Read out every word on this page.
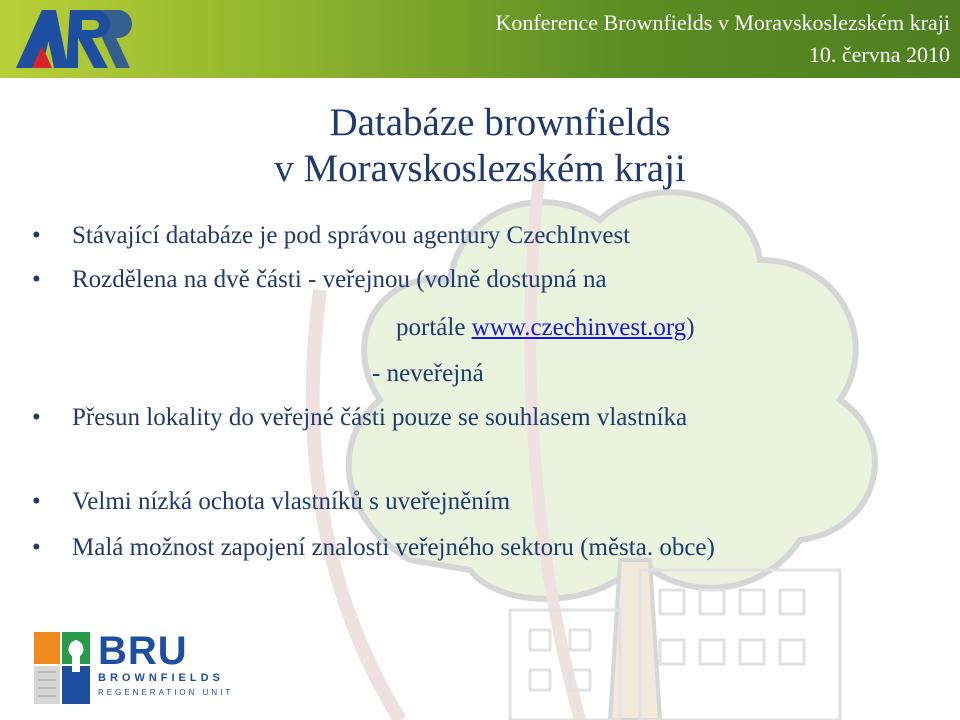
Konference Brownfields v Moravskoslezském kraji
10. června 2010
Databáze brownfields
v Moravskoslezském kraji
• Stávající databáze je pod správou agentury CzechInvest
• Rozdělena na dvě části - veřejnou (volně dostupná na
portále www.czechinvest.org)
- neveřejná
• Přesun lokality do veřejné části pouze se souhlasem vlastníka
• Velmi nízká ochota vlastníků s uveřejněním
• Malá možnost zapojení znalosti veřejného sektoru (města. obce)
BRU
BROWNFIELDS
REGENERATION UNIT
